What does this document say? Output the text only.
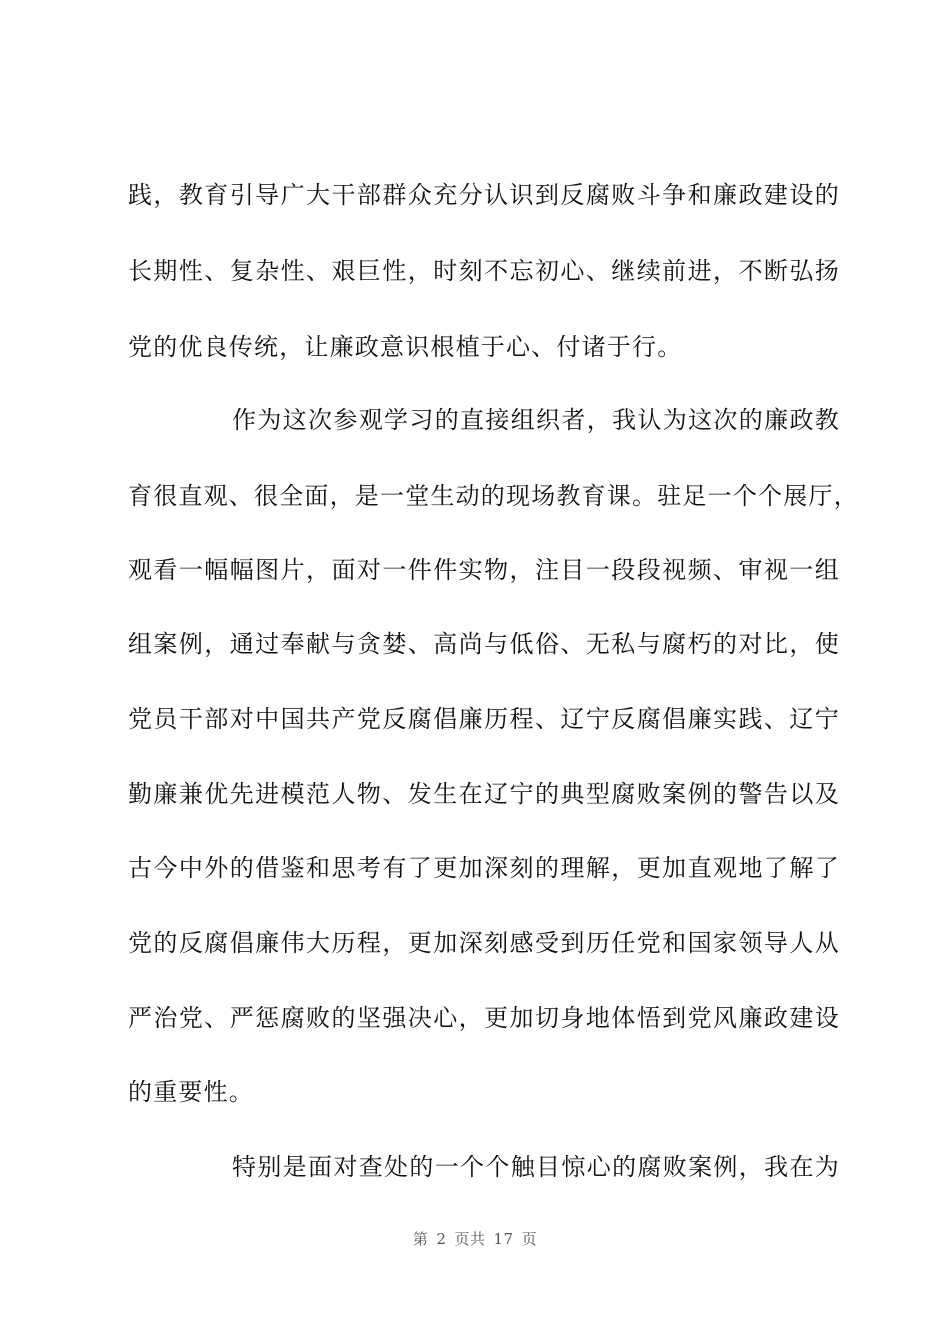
践，教育引导广大干部群众充分认识到反腐败斗争和廉政建设的
长期性、复杂性、艰巨性，时刻不忘初心、继续前进，不断弘扬
党的优良传统，让廉政意识根植于心、付诸于行。
作为这次参观学习的直接组织者，我认为这次的廉政教
育很直观、很全面，是一堂生动的现场教育课。驻足一个个展厅，
观看一幅幅图片，面对一件件实物，注目一段段视频、审视一组
组案例，通过奉献与贪婪、高尚与低俗、无私与腐朽的对比，使
党员干部对中国共产党反腐倡廉历程、辽宁反腐倡廉实践、辽宁
勤廉兼优先进模范人物、发生在辽宁的典型腐败案例的警告以及
古今中外的借鉴和思考有了更加深刻的理解，更加直观地了解了
党的反腐倡廉伟大历程，更加深刻感受到历任党和国家领导人从
严治党、严惩腐败的坚强决心，更加切身地体悟到党风廉政建设
的重要性。
特别是面对查处的一个个触目惊心的腐败案例，我在为
第 2 页共 17 页
